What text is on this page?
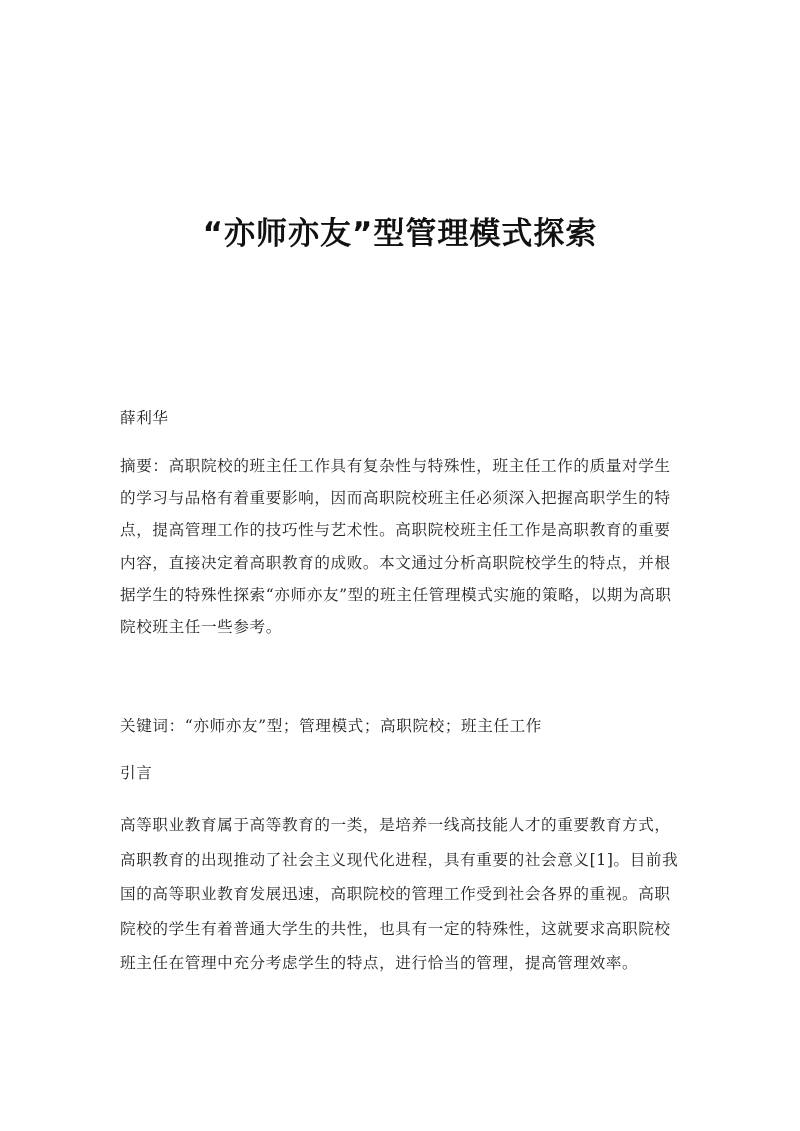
“亦师亦友”型管理模式探索

薛利华

摘要：高职院校的班主任工作具有复杂性与特殊性，班主任工作的质量对学生的学习与品格有着重要影响，因而高职院校班主任必须深入把握高职学生的特点，提高管理工作的技巧性与艺术性。高职院校班主任工作是高职教育的重要内容，直接决定着高职教育的成败。本文通过分析高职院校学生的特点，并根据学生的特殊性探索“亦师亦友”型的班主任管理模式实施的策略，以期为高职院校班主任一些参考。

关键词：“亦师亦友”型；管理模式；高职院校；班主任工作

引言

高等职业教育属于高等教育的一类，是培养一线高技能人才的重要教育方式，高职教育的出现推动了社会主义现代化进程，具有重要的社会意义[1]。目前我国的高等职业教育发展迅速，高职院校的管理工作受到社会各界的重视。高职院校的学生有着普通大学生的共性，也具有一定的特殊性，这就要求高职院校班主任在管理中充分考虑学生的特点，进行恰当的管理，提高管理效率。
